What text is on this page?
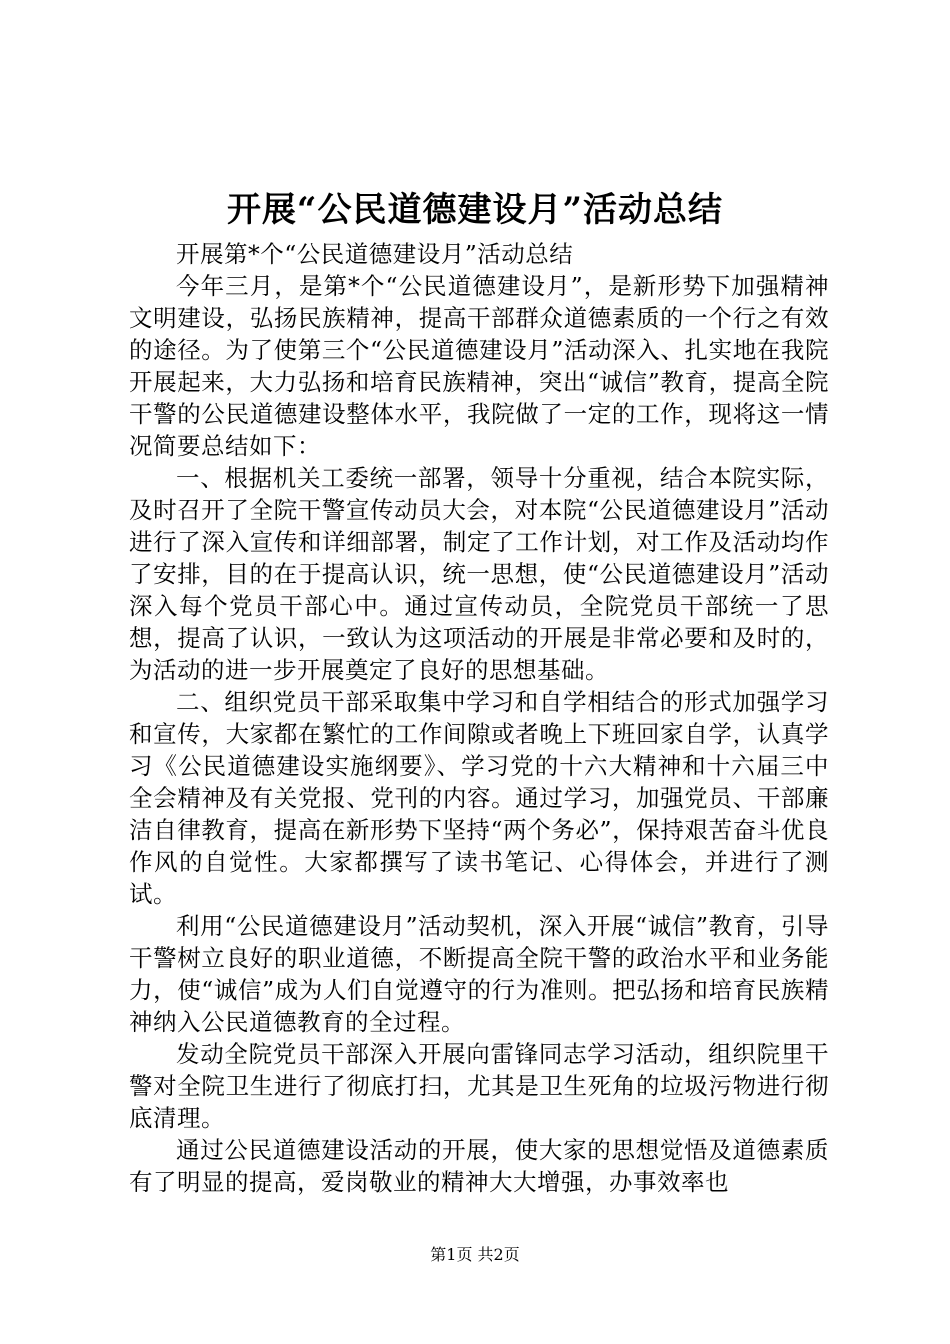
开展“公民道德建设月”活动总结

开展第*个“公民道德建设月”活动总结

今年三月，是第*个“公民道德建设月”，是新形势下加强精神文明建设，弘扬民族精神，提高干部群众道德素质的一个行之有效的途径。为了使第三个“公民道德建设月”活动深入、扎实地在我院开展起来，大力弘扬和培育民族精神，突出“诚信”教育，提高全院干警的公民道德建设整体水平，我院做了一定的工作，现将这一情况简要总结如下：

一、根据机关工委统一部署，领导十分重视，结合本院实际，及时召开了全院干警宣传动员大会，对本院“公民道德建设月”活动进行了深入宣传和详细部署，制定了工作计划，对工作及活动均作了安排，目的在于提高认识，统一思想，使“公民道德建设月”活动深入每个党员干部心中。通过宣传动员，全院党员干部统一了思想，提高了认识，一致认为这项活动的开展是非常必要和及时的，为活动的进一步开展奠定了良好的思想基础。

二、组织党员干部采取集中学习和自学相结合的形式加强学习和宣传，大家都在繁忙的工作间隙或者晚上下班回家自学，认真学习《公民道德建设实施纲要》、学习党的十六大精神和十六届三中全会精神及有关党报、党刊的内容。通过学习，加强党员、干部廉洁自律教育，提高在新形势下坚持“两个务必”，保持艰苦奋斗优良作风的自觉性。大家都撰写了读书笔记、心得体会，并进行了测试。

利用“公民道德建设月”活动契机，深入开展“诚信”教育，引导干警树立良好的职业道德，不断提高全院干警的政治水平和业务能力，使“诚信”成为人们自觉遵守的行为准则。把弘扬和培育民族精神纳入公民道德教育的全过程。

发动全院党员干部深入开展向雷锋同志学习活动，组织院里干警对全院卫生进行了彻底打扫，尤其是卫生死角的垃圾污物进行彻底清理。

通过公民道德建设活动的开展，使大家的思想觉悟及道德素质有了明显的提高，爱岗敬业的精神大大增强，办事效率也

第1页 共2页
